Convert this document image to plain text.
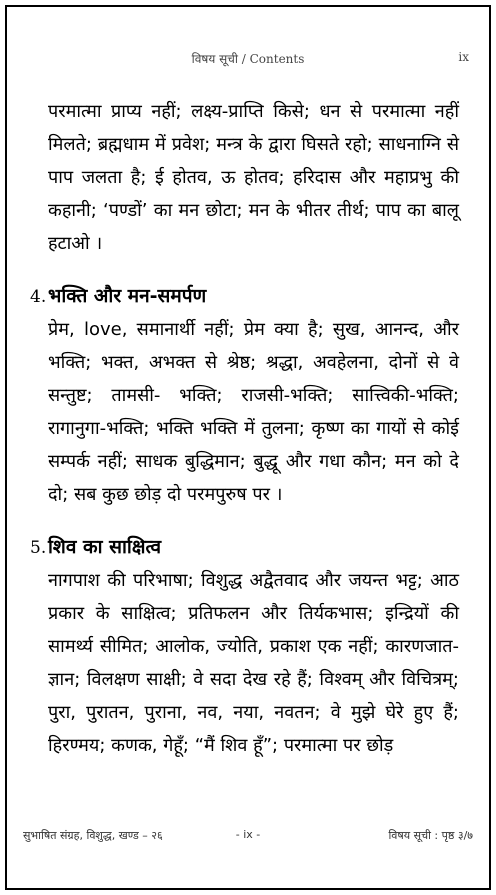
विषय सूची / Contents	ix

परमात्मा प्राप्य नहीं; लक्ष्य-प्राप्ति किसे; धन से परमात्मा नहीं मिलते; ब्रह्मधाम में प्रवेश; मन्त्र के द्वारा घिसते रहो; साधनाग्नि से पाप जलता है; ई होतव, ऊ होतव; हरिदास और महाप्रभु की कहानी; ‘पण्डों’ का मन छोटा; मन के भीतर तीर्थ; पाप का बालू हटाओ ।

4.भक्ति और मन-समर्पण

प्रेम, love, समानार्थी नहीं; प्रेम क्या है; सुख, आनन्द, और भक्ति; भक्त, अभक्त से श्रेष्ठ; श्रद्धा, अवहेलना, दोनों से वे सन्तुष्ट; तामसी- भक्ति; राजसी-भक्ति; सात्त्विकी-भक्ति; रागानुगा-भक्ति; भक्ति भक्ति में तुलना; कृष्ण का गायों से कोई सम्पर्क नहीं; साधक बुद्धिमान; बुद्धू और गधा कौन; मन को दे दो; सब कुछ छोड़ दो परमपुरुष पर ।

5.शिव का साक्षित्व

नागपाश की परिभाषा; विशुद्ध अद्वैतवाद और जयन्त भट्ट; आठ प्रकार के साक्षित्व; प्रतिफलन और तिर्यकभास; इन्द्रियों की सामर्थ्य सीमित; आलोक, ज्योति, प्रकाश एक नहीं; कारणजात-ज्ञान; विलक्षण साक्षी; वे सदा देख रहे हैं; विश्वम् और विचित्रम्; पुरा, पुरातन, पुराना, नव, नया, नवतन; वे मुझे घेरे हुए हैं; हिरण्मय; कणक, गेहूँ; “मैं शिव हूँ”; परमात्मा पर छोड़

सुभाषित संग्रह, विशुद्ध, खण्ड – २६	- ix -	विषय सूची : पृष्ठ ३/७
